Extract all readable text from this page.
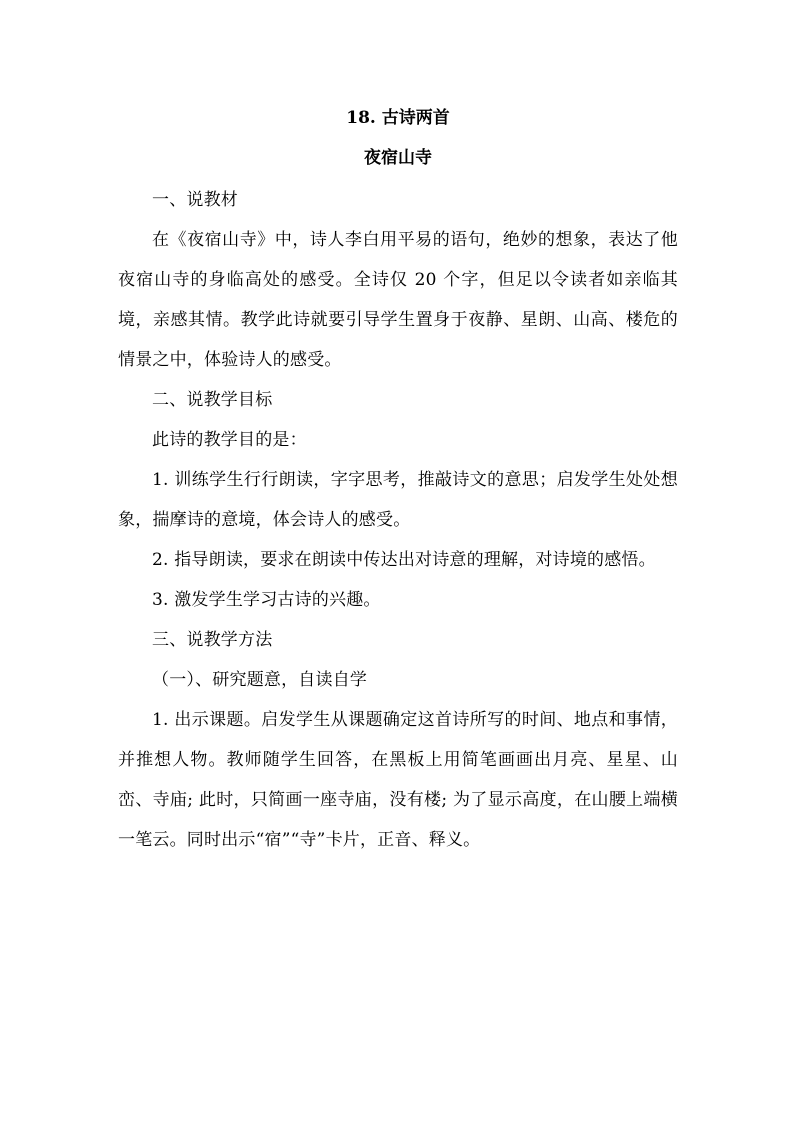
18. 古诗两首
夜宿山寺

一、说教材

在《夜宿山寺》中，诗人李白用平易的语句，绝妙的想象，表达了他夜宿山寺的身临高处的感受。全诗仅 20 个字，但足以令读者如亲临其境，亲感其情。教学此诗就要引导学生置身于夜静、星朗、山高、楼危的情景之中，体验诗人的感受。

二、说教学目标

此诗的教学目的是：

1. 训练学生行行朗读，字字思考，推敲诗文的意思；启发学生处处想象，揣摩诗的意境，体会诗人的感受。

2. 指导朗读，要求在朗读中传达出对诗意的理解，对诗境的感悟。

3. 激发学生学习古诗的兴趣。

三、说教学方法

（一）、研究题意，自读自学

1. 出示课题。启发学生从课题确定这首诗所写的时间、地点和事情，并推想人物。教师随学生回答，在黑板上用简笔画画出月亮、星星、山峦、寺庙; 此时，只简画一座寺庙，没有楼; 为了显示高度，在山腰上端横一笔云。同时出示“宿”“寺”卡片，正音、释义。
